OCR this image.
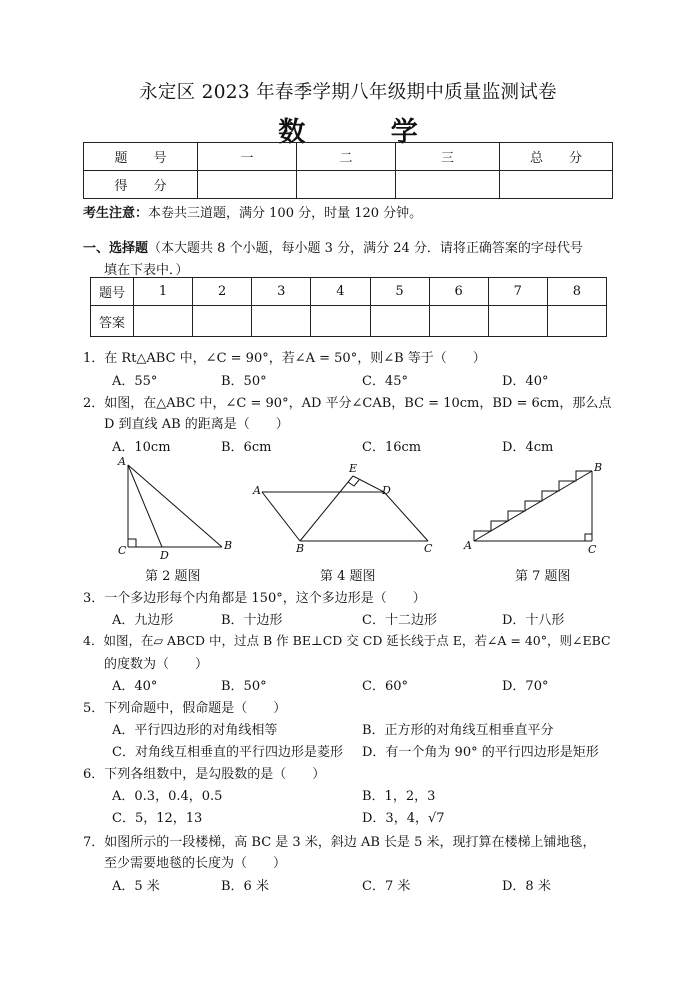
永定区 2023 年春季学期八年级期中质量监测试卷
数 学
题　　号	一	二	三	总　　分
得　　分				
考生注意：本卷共三道题，满分 100 分，时量 120 分钟。
一、选择题（本大题共 8 个小题，每小题 3 分，满分 24 分．请将正确答案的字母代号
填在下表中．）
题号	1	2	3	4	5	6	7	8
答案								
1．在 Rt△ABC 中，∠C = 90°，若∠A = 50°，则∠B 等于（　　）
A．55°	B．50°	C．45°	D．40°
2．如图，在△ABC 中，∠C = 90°，AD 平分∠CAB，BC = 10cm，BD = 6cm，那么点
D 到直线 AB 的距离是（　　）
A．10cm	B．6cm	C．16cm	D．4cm
A
C	D
B
E
A	D
B	C
B
A	C
第 2 题图	第 4 题图	第 7 题图
3．一个多边形每个内角都是 150°，这个多边形是（　　）
A．九边形	B．十边形	C．十二边形	D．十八形
4．如图，在▱ ABCD 中，过点 B 作 BE⊥CD 交 CD 延长线于点 E，若∠A = 40°，则∠EBC
的度数为（　　）
A．40°	B．50°	C．60°	D．70°
5．下列命题中，假命题是（　　）
A．平行四边形的对角线相等	B．正方形的对角线互相垂直平分
C．对角线互相垂直的平行四边形是菱形 D．有一个角为 90° 的平行四边形是矩形
6．下列各组数中，是勾股数的是（　　）
A．0.3，0.4，0.5	B．1，2，3
C．5，12，13	D．3，4，√7
7．如图所示的一段楼梯，高 BC 是 3 米，斜边 AB 长是 5 米，现打算在楼梯上铺地毯，
至少需要地毯的长度为（　　）
A．5 米	B．6 米	C．7 米	D．8 米
